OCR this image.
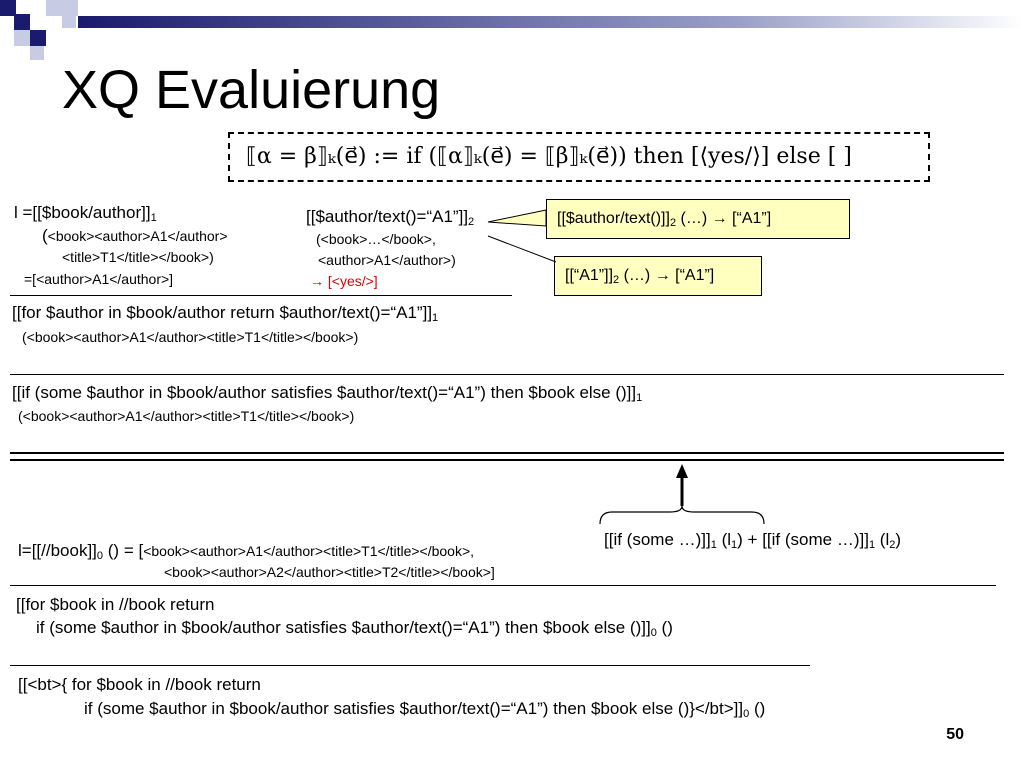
XQ Evaluierung
⟦α = β⟧ₖ(e⃗) := if (⟦α⟧ₖ(e⃗) = ⟦β⟧ₖ(e⃗)) then [⟨yes/⟩] else [ ]
$l =[[\$book/author]]_1$
(<book><author>A1</author>
<title>T1</title></book>)
=[<author>A1</author>]
$[[\$author/text()=“A1”]]_2$
(<book>…</book>,
<author>A1</author>)
→ [<yes/>]
$[[\$author/text()]]_2$ (…) → [“A1”]
$[[“A1”]]_2$ (…) → [“A1”]
[[for $author in $book/author return $\$author/text()=“A1”]]_1$
(<book><author>A1</author><title>T1</title></book>)
[[if (some $author in $book/author satisfies $author/text()=“A1”) then $book else $()]]_1$
(<book><author>A1</author><title>T1</title></book>)
[[if (some $\dots)]]_1$ $(l_1) + [[if$ (some $\dots)]]_1$ $(l_2)$
$l=[[//book]]_0$ () = [<book><author>A1</author><title>T1</title></book>,
<book><author>A2</author><title>T2</title></book>]
[[for $book in //book return
if (some $author in $book/author satisfies $author/text()=“A1”) then $book else $()]]_0$ ()
[[<bt>{ for $book in //book return
if (some $author in $book/author satisfies $author/text()=“A1”) then $book else $()\}</bt>]]_0$ ()
50
